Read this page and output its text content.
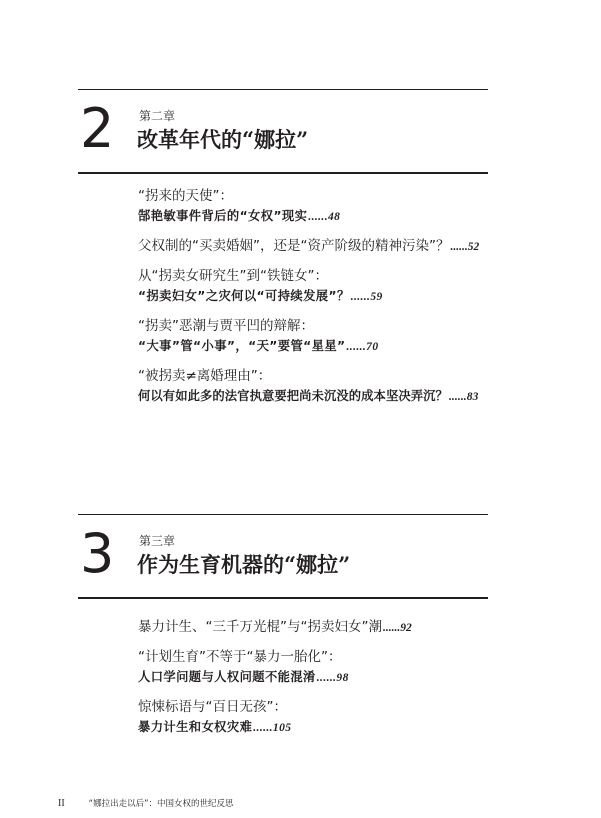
2 第二章
改革年代的“娜拉”
“拐来的天使”：
郜艳敏事件背后的“女权”现实......48
父权制的“买卖婚姻”，还是“资产阶级的精神污染”？......52
从“拐卖女研究生”到“铁链女”：
“拐卖妇女”之灾何以“可持续发展”？......59
“拐卖”恶潮与贾平凹的辩解：
“大事”管“小事”，“天”要管“星星”......70
“被拐卖≠离婚理由”：
何以有如此多的法官执意要把尚未沉没的成本坚决弄沉？......83
3 第三章
作为生育机器的“娜拉”
暴力计生、“三千万光棍”与“拐卖妇女”潮......92
“计划生育”不等于“暴力一胎化”：
人口学问题与人权问题不能混淆......98
惊悚标语与“百日无孩”：
暴力计生和女权灾难......105
II	“娜拉出走以后”：中国女权的世纪反思
